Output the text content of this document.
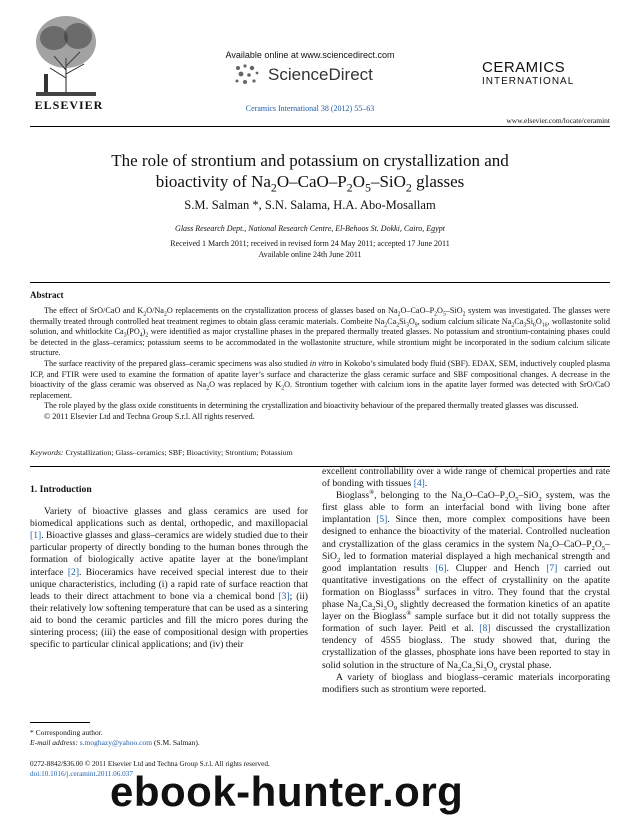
ELSEVIER
Available online at www.sciencedirect.com
ScienceDirect
Ceramics International 38 (2012) 55–63
CERAMICS
INTERNATIONAL
www.elsevier.com/locate/ceramint
The role of strontium and potassium on crystallization and
bioactivity of $Na_2O-CaO-P_2O_5-SiO_2$ glasses
S.M. Salman *, S.N. Salama, H.A. Abo-Mosallam
Glass Research Dept., National Research Centre, El-Behoos St. Dokki, Cairo, Egypt
Received 1 March 2011; received in revised form 24 May 2011; accepted 17 June 2011
Available online 24th June 2011
Abstract

The effect of SrO/CaO and $K_2O/Na_2O$ replacements on the crystallization process of glasses based on $Na_2O-CaO-P_2O_5-SiO_2$ system was investigated. The glasses were thermally treated through controlled heat treatment regimes to obtain glass ceramic materials. Combeite $Na_2Ca_2Si_3O_9$, sodium calcium silicate $Na_2Ca_3Si_6O_{16}$, wollastonite solid solution, and whitlockite $Ca_3(PO_4)_2$ were identified as major crystalline phases in the prepared thermally treated glasses. No potassium and strontium-containing phases could be detected in the glass–ceramics; potassium seems to be accommodated in the wollastonite structure, while strontium might be incorporated in the sodium calcium silicate structure.

The surface reactivity of the prepared glass–ceramic specimens was also studied in vitro in Kokobo’s simulated body fluid (SBF). EDAX, SEM, inductively coupled plasma ICP, and FTIR were used to examine the formation of apatite layer’s surface and characterize the glass ceramic surface and SBF compositional changes. A decrease in the bioactivity of the glass ceramic was observed as $Na_2O$ was replaced by $K_2O$. Strontium together with calcium ions in the apatite layer formed was detected with SrO/CaO replacement.

The role played by the glass oxide constituents in determining the crystallization and bioactivity behaviour of the prepared thermally treated glasses was discussed.

© 2011 Elsevier Ltd and Techna Group S.r.l. All rights reserved.

Keywords: Crystallization; Glass–ceramics; SBF; Bioactivity; Strontium; Potassium

1. Introduction

Variety of bioactive glasses and glass ceramics are used for biomedical applications such as dental, orthopedic, and maxillopacial [1]. Bioactive glasses and glass–ceramics are widely studied due to their particular property of directly bonding to the human bones through the formation of biologically active apatite layer at the bone/implant interface [2]. Bioceramics have received special interest due to their unique characteristics, including (i) a rapid rate of surface reaction that leads to their direct attachment to bone via a chemical bond [3]; (ii) their relatively low softening temperature that can be used as a sintering aid to bond the ceramic particles and fill the micro pores during the sintering process; (iii) the ease of compositional design with properties specific to particular clinical applications; and (iv) their

excellent controllability over a wide range of chemical properties and rate of bonding with tissues [4].

Bioglass®, belonging to the $Na_2O-CaO-P_2O_5-SiO_2$ system, was the first glass able to form an interfacial bond with living bone after implantation [5]. Since then, more complex compositions have been designed to enhance the bioactivity of the material. Controlled nucleation and crystallization of the glass ceramics in the system $Na_2O-CaO-P_2O_5-SiO_2$ led to formation material displayed a high mechanical strength and good implantation results [6]. Clupper and Hench [7] carried out quantitative investigations on the effect of crystallinity on the apatite formation on Bioglasss® surfaces in vitro. They found that the crystal phase $Na_2Ca_2Si_3O_9$ slightly decreased the formation kinetics of an apatite layer on the Bioglass® sample surface but it did not totally suppress the formation of such layer. Peitl et al. [8] discussed the crystallization tendency of 45S5 bioglass. The study showed that, during the crystallization of the glasses, phosphate ions have been reported to stay in solid solution in the structure of $Na_2Ca_2Si_3O_9$ crystal phase.

A variety of bioglass and bioglass–ceramic materials incorporating modifiers such as strontium were reported.

* Corresponding author.
E-mail address: s.moghazy@yahoo.com (S.M. Salman).
0272-8842/$36.00 © 2011 Elsevier Ltd and Techna Group S.r.l. All rights reserved.
doi:10.1016/j.ceramint.2011.06.037
ebook-hunter.org
